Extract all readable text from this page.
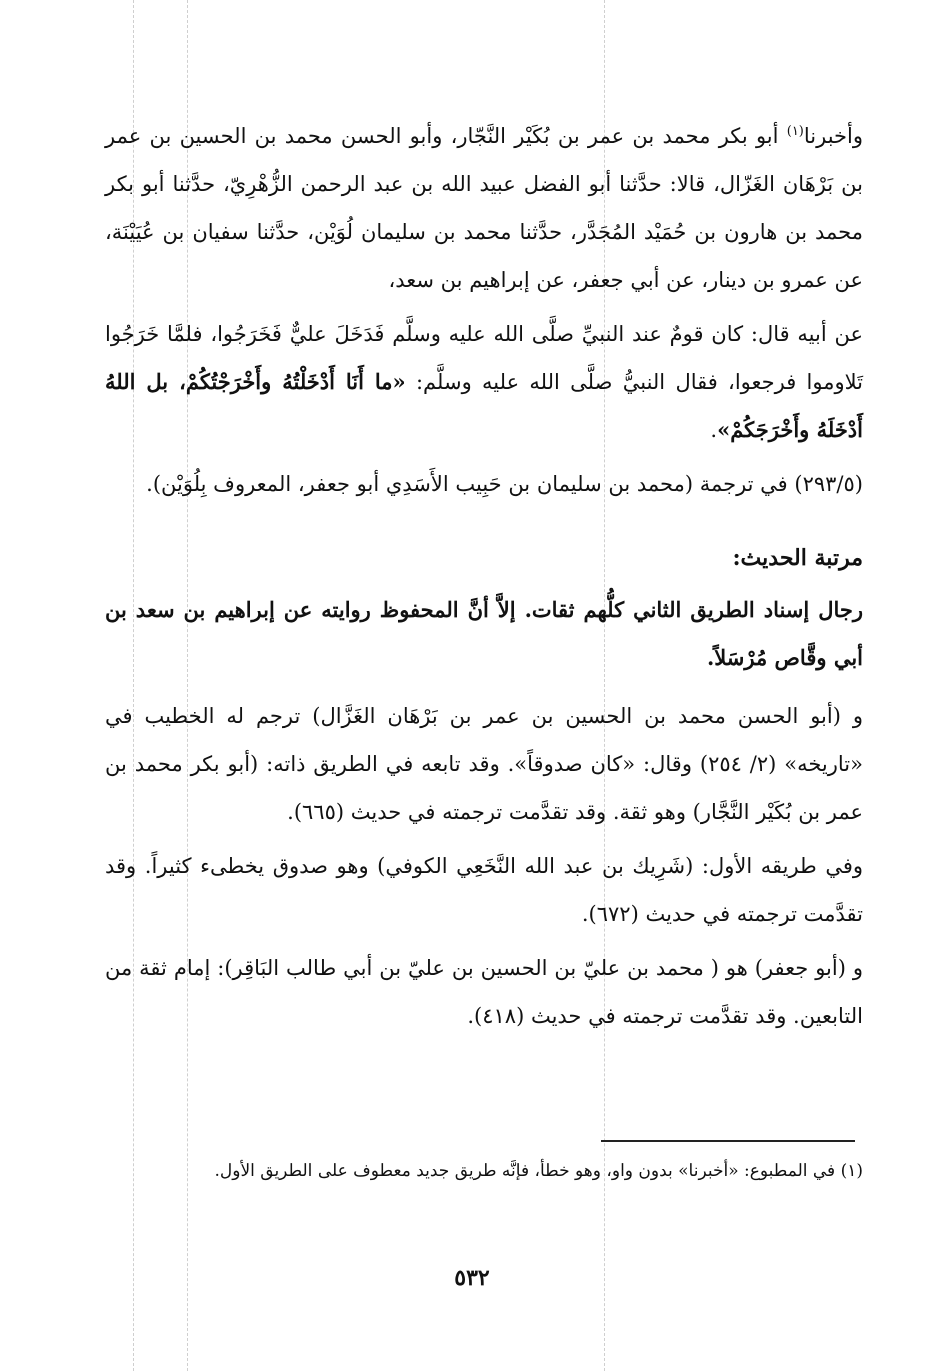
وأخبرنا$^{(١)}$ أبو بكر محمد بن عمر بن بُكَيْر النَّجّار، وأبو الحسن محمد بن الحسين بن عمر بن بَرْهَان الغَزّال، قالا: حدَّثنا أبو الفضل عبيد الله بن عبد الرحمن الزُّهْرِيّ، حدَّثنا أبو بكر محمد بن هارون بن حُمَيْد المُجَدَّر، حدَّثنا محمد بن سليمان لُوَيْن، حدَّثنا سفيان بن عُيَيْنَة، عن عمرو بن دينار، عن أبي جعفر، عن إبراهيم بن سعد،

عن أبيه قال: كان قومٌ عند النبيِّ صلَّى الله عليه وسلَّم فَدَخَلَ عليٌّ فَخَرَجُوا، فلمَّا خَرَجُوا تَلاوموا فرجعوا، فقال النبيُّ صلَّى الله عليه وسلَّم: «ما أَنَا أَدْخَلْتُهُ وأَخْرَجْتُكُمْ، بل اللهُ أَدْخَلَهُ وأَخْرَجَكُمْ».

(٢٩٣/٥) في ترجمة (محمد بن سليمان بن حَبِيب الأَسَدِي أبو جعفر، المعروف بِلُوَيْن).

مرتبة الحديث:

رجال إسناد الطريق الثاني كلُّهم ثقات. إلاَّ أنَّ المحفوظ روايته عن إبراهيم بن سعد بن أبي وقَّاص مُرْسَلاً.

و (أبو الحسن محمد بن الحسين بن عمر بن بَرْهَان الغَزَّال) ترجم له الخطيب في «تاريخه» (٢/ ٢٥٤) وقال: «كان صدوقاً». وقد تابعه في الطريق ذاته: (أبو بكر محمد بن عمر بن بُكَيْر النَّجَّار) وهو ثقة. وقد تقدَّمت ترجمته في حديث (٦٦٥).

وفي طريقه الأول: (شَرِيك بن عبد الله النَّخَعِي الكوفي) وهو صدوق يخطىء كثيراً. وقد تقدَّمت ترجمته في حديث (٦٧٢).

و (أبو جعفر) هو ( محمد بن عليّ بن الحسين بن عليّ بن أبي طالب البَاقِر): إمام ثقة من التابعين. وقد تقدَّمت ترجمته في حديث (٤١٨).

(١) في المطبوع: «أخبرنا» بدون واو، وهو خطأ، فإنَّه طريق جديد معطوف على الطريق الأول.
٥٣٢
